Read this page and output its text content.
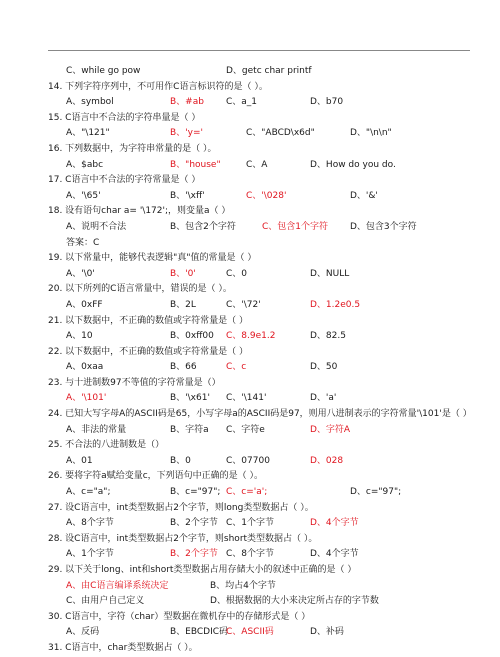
C、while go pow	D、getc char printf
14. 下列字符序列中，不可用作C语言标识符的是（ ）。
A、symbol	B、#ab C、a_1	D、b70
15. C语言中不合法的字符串量是（ ）
A、"\121"	B、'y='	C、"ABCD\x6d"	D、"\n\n"
16. 下列数据中，为字符串常量的是（ ）。
A、$abc	B、"house"	C、A	D、How do you do.
17. C语言中不合法的字符常量是（ ）
A、'\65'	B、'\xff'	C、'\028'	D、'&'
18. 设有语句char a= '\172';，则变量a（ ）
A、说明不合法	B、包含2个字符	C、包含1个字符 D、包含3个字符
答案：C
19. 以下常量中，能够代表逻辑"真"值的常量是（ ）
A、'\0'	B、'0'	C、0	D、NULL
20. 以下所列的C语言常量中，错误的是（ ）。
A、0xFF	B、2L	C、'\72'	D、1.2e0.5
21. 以下数据中，不正确的数值或字符常量是（ ）
A、10	B、0xff00 C、8.9e1.2	D、82.5
22. 以下数据中，不正确的数值或字符常量是（ ）
A、0xaa	B、66	C、c	D、50
23. 与十进制数97不等值的字符常量是（）
A、'\101'	B、'\x61' C、'\141'	D、'a'
24. 已知大写字母A的ASCII码是65，小写字母a的ASCII码是97，则用八进制表示的字符常量'\101'是（ ）
A、非法的常量	B、字符a C、字符e	D、字符A
25. 不合法的八进制数是（）
A、01	B、0	C、07700	D、028
26. 要将字符a赋给变量c，下列语句中正确的是（ ）。
A、c="a";	B、c="97"; C、c='a';	D、c="97";
27. 设C语言中，int类型数据占2个字节，则long类型数据占（ ）。
A、8个字节	B、2个字节 C、1个字节	D、4个字节
28. 设C语言中，int类型数据占2个字节，则short类型数据占（ ）。
A、1个字节	B、2个字节 C、8个字节	D、4个字节
29. 以下关于long、int和short类型数据占用存储大小的叙述中正确的是（ ）
A、由C语言编译系统决定	B、均占4个字节
C、由用户自己定义	D、根据数据的大小来决定所占存的字节数
30. C语言中，字符（char）型数据在微机存中的存储形式是（ ）
A、反码	B、EBCDIC码
C、ASCII码	D、补码
31. C语言中，char类型数据占（ ）。
